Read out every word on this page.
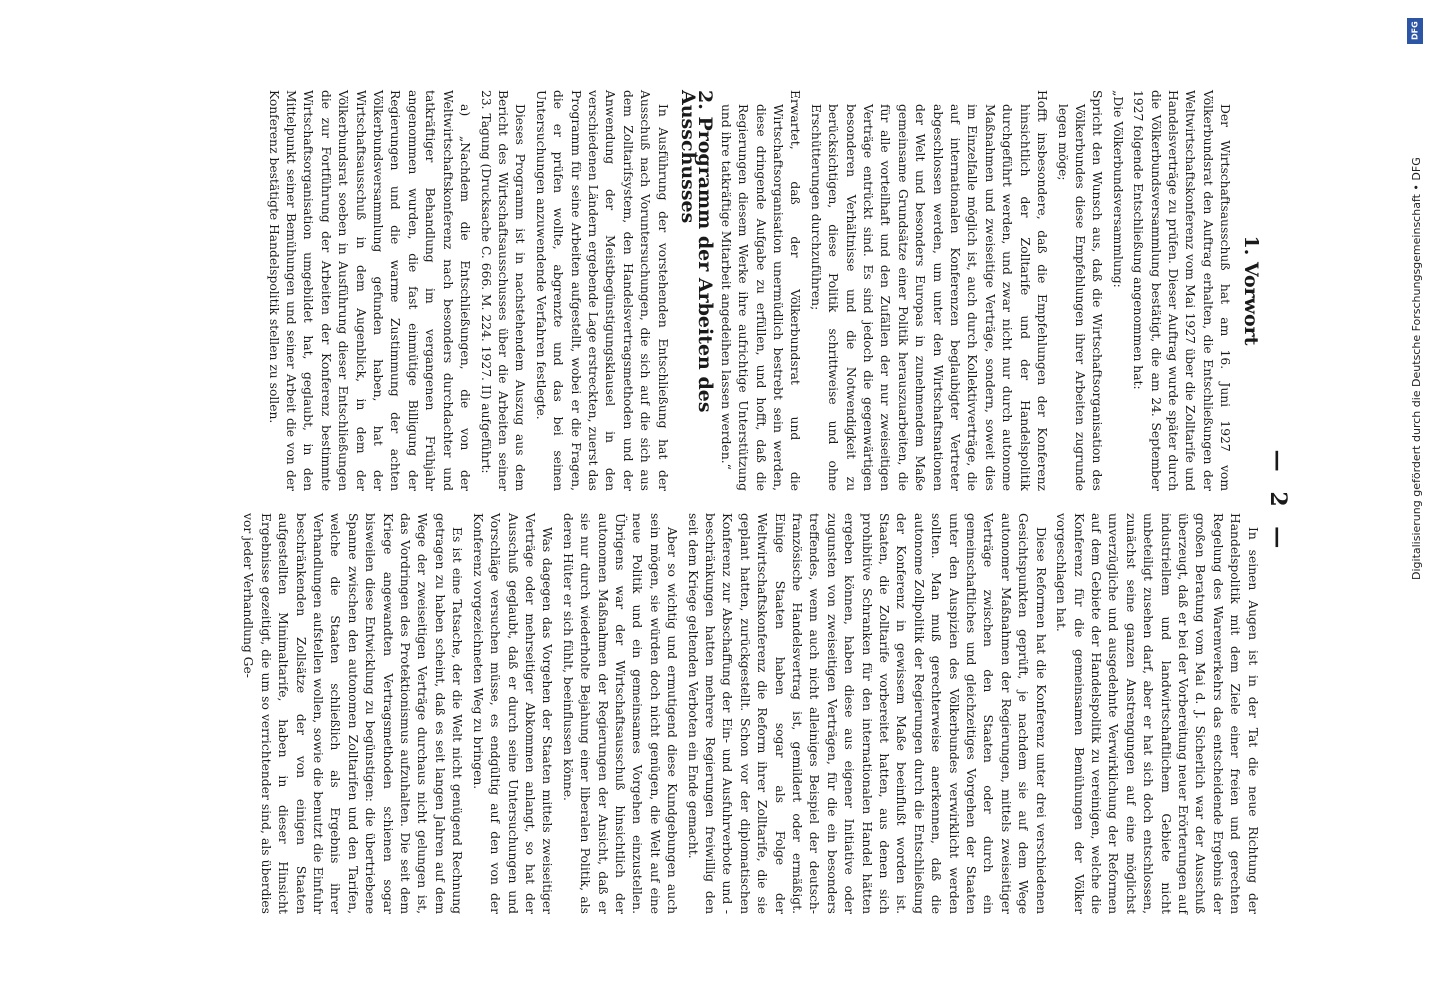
— 2 —
1. Vorwort

Der Wirtschaftsausschuß hat am 16. Juni 1927 vom Völkerbundsrat den Auftrag erhalten, die Entschließungen der Weltwirtschaftskonferenz vom Mai 1927 über die Zolltarife und Handelsverträge zu prüfen. Dieser Auftrag wurde später durch die Völkerbundsversammlung bestätigt, die am 24. September 1927 folgende Entschließung angenommen hat:

„Die Völkerbundsversammlung:

Spricht den Wunsch aus, daß die Wirtschaftsorganisation des Völkerbundes diese Empfehlungen ihrer Arbeiten zugrunde legen möge;

Hofft insbesondere, daß die Empfehlungen der Konferenz hinsichtlich der Zolltarife und der Handelspolitik durchgeführt werden, und zwar nicht nur durch autonome Maßnahmen und zweiseitige Verträge, sondern, soweit dies im Einzelfalle möglich ist, auch durch Kollektivverträge, die auf internationalen Konferenzen beglaubigter Vertreter abgeschlossen werden, um unter den Wirtschaftsnationen der Welt und besonders Europas in zunehmendem Maße gemeinsame Grundsätze einer Politik herauszuarbeiten, die für alle vorteilhaft und den Zufällen der nur zweiseitigen Verträge entrückt sind. Es sind jedoch die gegenwärtigen besonderen Verhältnisse und die Notwendigkeit zu berücksichtigen, diese Politik schrittweise und ohne Erschütterungen durchzuführen;

Erwartet, daß der Völkerbundsrat und die Wirtschaftsorganisation unermüdlich bestrebt sein werden, diese dringende Aufgabe zu erfüllen, und hofft, daß die Regierungen diesem Werke ihre aufrichtige Unterstützung und ihre tatkräftige Mitarbeit angedeihen lassen werden.“

2. Programm der Arbeiten des Ausschusses

In Ausführung der vorstehenden Entschließung hat der Ausschuß nach Voruntersuchungen, die sich auf die sich aus dem Zolltarifsystem, den Handelsvertragsmethoden und der Anwendung der Meistbegünstigungsklausel in den verschiedenen Ländern ergebende Lage erstreckten, zuerst das Programm für seine Arbeiten aufgestellt, wobei er die Fragen, die er prüfen wollte, abgrenzte und das bei seinen Untersuchungen anzuwendende Verfahren festlegte.

Dieses Programm ist in nachstehendem Auszug aus dem Bericht des Wirtschaftsausschusses über die Arbeiten seiner 23. Tagung (Drucksache C. 666. M. 224. 1927. II) aufgeführt:

a) „Nachdem die Entschließungen, die von der Weltwirtschaftskonferenz nach besonders durchdachter und tatkräftiger Behandlung im vergangenen Frühjahr angenommen wurden, die fast einmütige Billigung der Regierungen und die warme Zustimmung der achten Völkerbundsversammlung gefunden haben, hat der Wirtschaftsausschuß in dem Augenblick, in dem der Völkerbundsrat soeben in Ausführung dieser Entschließungen die zur Fortführung der Arbeiten der Konferenz bestimmte Wirtschaftsorganisation umgebildet hat, geglaubt, in den Mittelpunkt seiner Bemühungen und seiner Arbeit die von der Konferenz bestätigte Handelspolitik stellen zu sollen.

In seinen Augen ist in der Tat die neue Richtung der Handelspolitik mit dem Ziele einer freien und gerechten Regelung des Warenverkehrs das entscheidende Ergebnis der großen Beratung vom Mai d. J. Sicherlich war der Ausschuß überzeugt, daß er bei der Vorbereitung neuer Erörterungen auf industriellem und landwirtschaftlichem Gebiete nicht unbeteiligt zusehen darf, aber er hat sich doch entschlossen, zunächst seine ganzen Anstrengungen auf eine möglichst unverzügliche und ausgedehnte Verwirklichung der Reformen auf dem Gebiete der Handelspolitik zu vereinigen, welche die Konferenz für die gemeinsamen Bemühungen der Völker vorgeschlagen hat.

Diese Reformen hat die Konferenz unter drei verschiedenen Gesichtspunkten geprüft, je nachdem sie auf dem Wege autonomer Maßnahmen der Regierungen, mittels zweiseitiger Verträge zwischen den Staaten oder durch ein gemeinschaftliches und gleichzeitiges Vorgehen der Staaten unter den Auspizien des Völkerbundes verwirklicht werden sollten. Man muß gerechterweise anerkennen, daß die autonome Zollpolitik der Regierungen durch die Entschließung der Konferenz in gewissem Maße beeinflußt worden ist. Staaten, die Zolltarife vorbereitet hatten, aus denen sich prohibitive Schranken für den internationalen Handel hätten ergeben können, haben diese aus eigener Initiative oder zugunsten von zweiseitigen Verträgen, für die ein besonders treffendes, wenn auch nicht alleiniges Beispiel der deutsch-französische Handelsvertrag ist, gemildert oder ermäßigt. Einige Staaten haben sogar als Folge der Weltwirtschaftskonferenz die Reform ihrer Zolltarife, die sie geplant hatten, zurückgestellt. Schon vor der diplomatischen Konferenz zur Abschaffung der Ein- und Ausfuhrverbote und -beschränkungen hatten mehrere Regierungen freiwillig den seit dem Kriege geltenden Verboten ein Ende gemacht.

Aber so wichtig und ermutigend diese Kundgebungen auch sein mögen, sie würden doch nicht genügen, die Welt auf eine neue Politik und ein gemeinsames Vorgehen einzustellen. Übrigens war der Wirtschaftsausschuß hinsichtlich der autonomen Maßnahmen der Regierungen der Ansicht, daß er sie nur durch wiederholte Bejahung einer liberalen Politik, als deren Hüter er sich fühlt, beeinflussen könne.

Was dagegen das Vorgehen der Staaten mittels zweiseitiger Verträge oder mehrseitiger Abkommen anlangt, so hat der Ausschuß geglaubt, daß er durch seine Untersuchungen und Vorschläge versuchen müsse, es endgültig auf den von der Konferenz vorgezeichneten Weg zu bringen.

Es ist eine Tatsache, der die Welt nicht genügend Rechnung getragen zu haben scheint, daß es seit langen Jahren auf dem Wege der zweiseitigen Verträge durchaus nicht gelungen ist, das Vordringen des Protektionismus aufzuhalten. Die seit dem Kriege angewandten Vertragsmethoden schienen sogar bisweilen diese Entwicklung zu begünstigen: die übertriebene Spanne zwischen den autonomen Zolltarifen und den Tarifen, welche die Staaten schließlich als Ergebnis ihrer Verhandlungen aufstellen wollen, sowie die benutzt die Einfuhr beschränkenden Zollsätze der von einigen Staaten aufgestellten Minimaltarife, haben in dieser Hinsicht Ergebnisse gezeitigt, die um so verrichtender sind, als überdies vor jeder Verhandlung Ge-

DFG
Digitalisierung gefördert durch die Deutsche Forschungsgemeinschaft • DFG
